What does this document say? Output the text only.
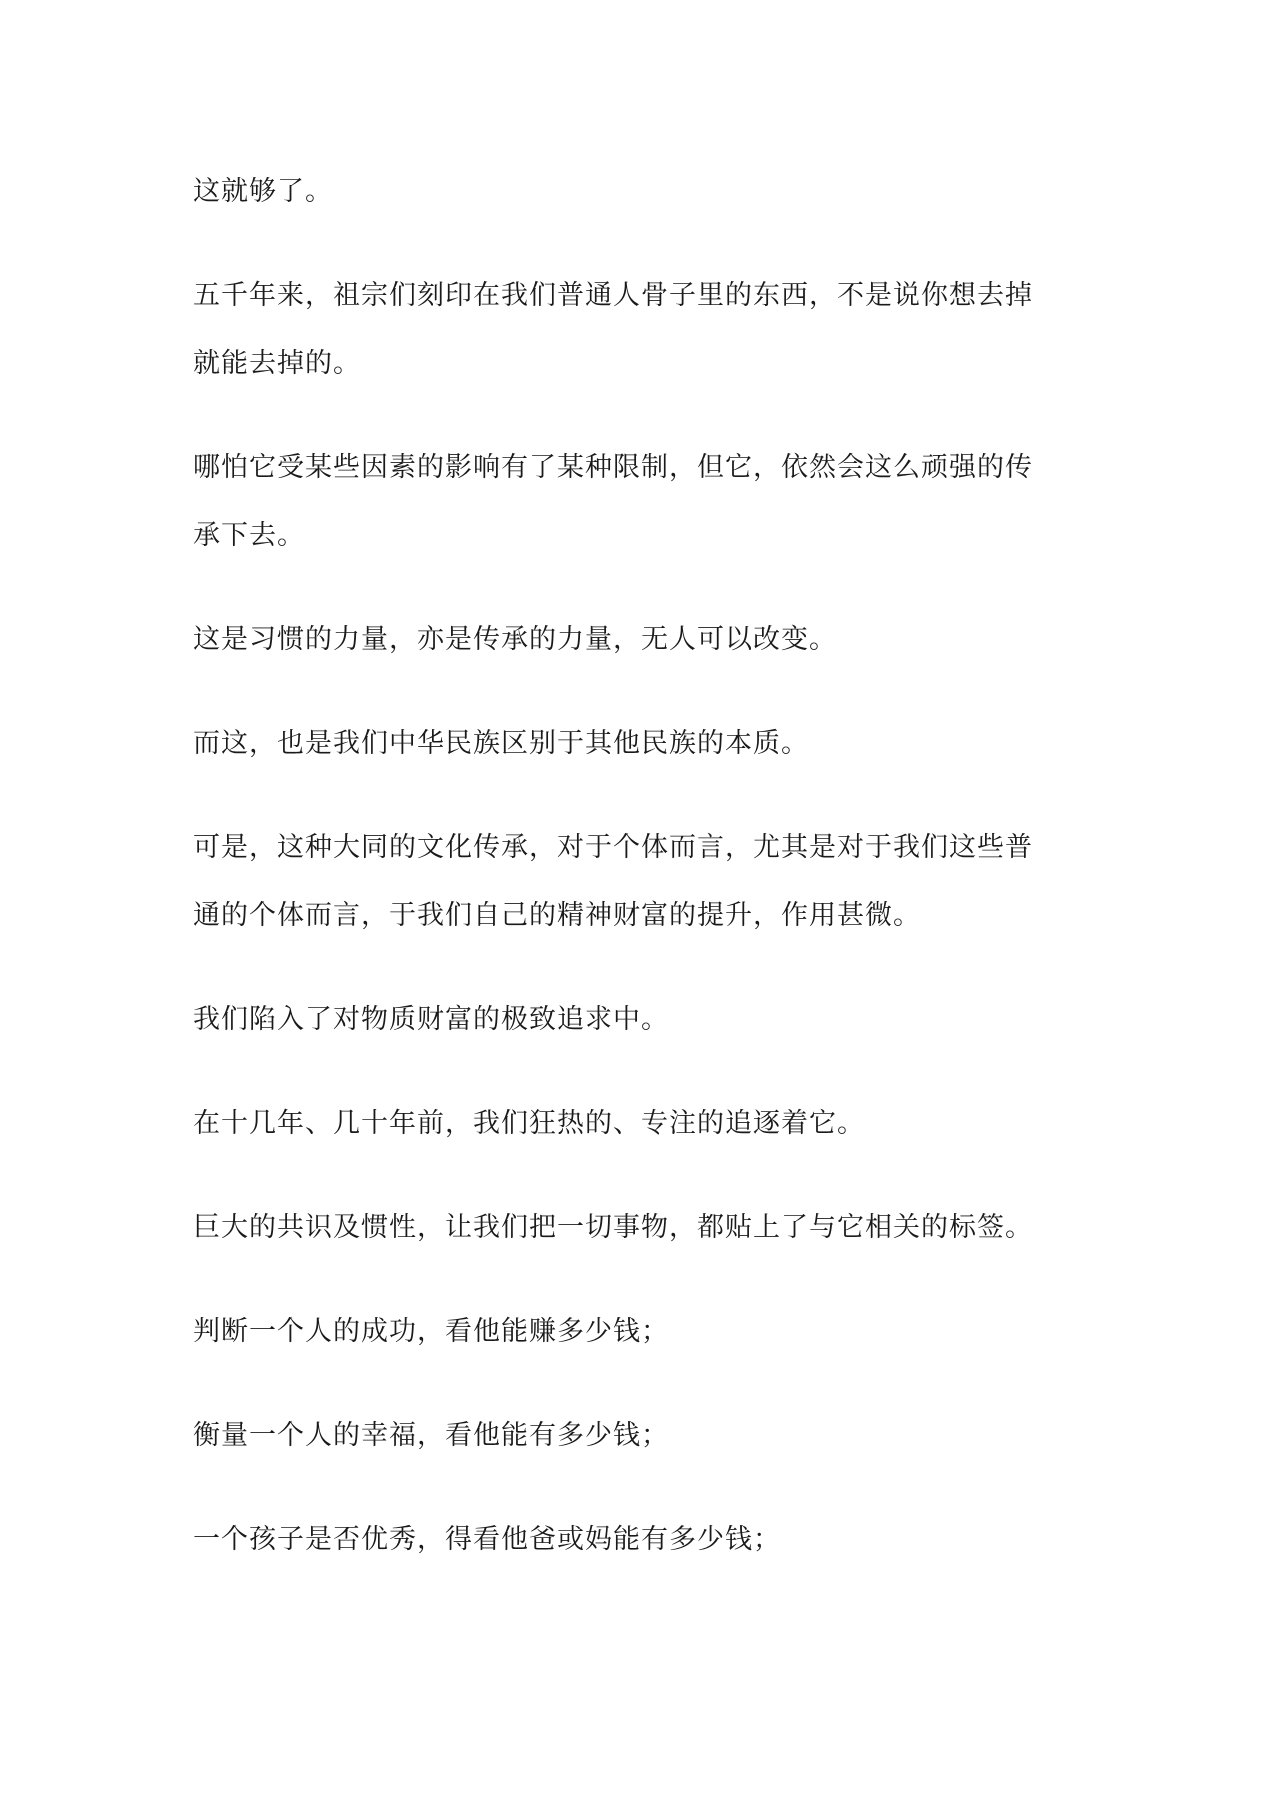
这就够了。

五千年来，祖宗们刻印在我们普通人骨子里的东西，不是说你想去掉
就能去掉的。

哪怕它受某些因素的影响有了某种限制，但它，依然会这么顽强的传
承下去。

这是习惯的力量，亦是传承的力量，无人可以改变。

而这，也是我们中华民族区别于其他民族的本质。

可是，这种大同的文化传承，对于个体而言，尤其是对于我们这些普
通的个体而言，于我们自己的精神财富的提升，作用甚微。

我们陷入了对物质财富的极致追求中。

在十几年、几十年前，我们狂热的、专注的追逐着它。

巨大的共识及惯性，让我们把一切事物，都贴上了与它相关的标签。

判断一个人的成功，看他能赚多少钱；

衡量一个人的幸福，看他能有多少钱；

一个孩子是否优秀，得看他爸或妈能有多少钱；
